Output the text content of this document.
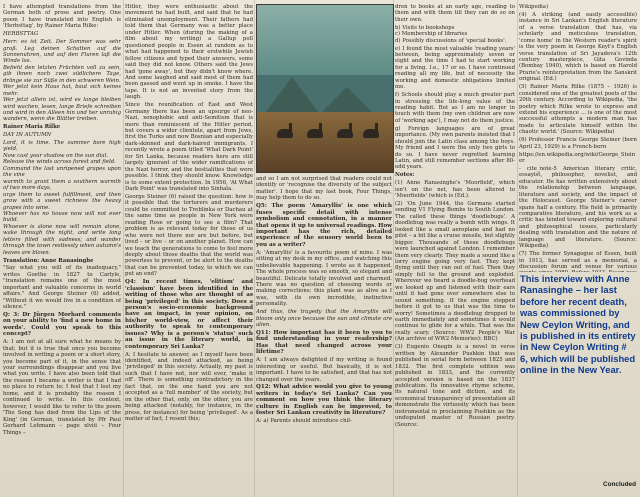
I have attempted translations from the German both of prose and poetry. One poem I have translated into English is 'Herbsttag', by Rainer Maria Rilke:

HERBSTTAG

Herr: es ist Zeit. Der Sommer was sehr groß. Leg deinen Schatten auf die Sonnenuhren, und auf den Fluren laß die Winde los.
Befiehl den letzten Früchten voll zu sein, gib ihnen noch zwei südlichere Tage, dränge sie zur Süße in den schweren Wein.
Wer jetzt kein Haus hat, baut sich keines mehr.
Wer jetzt allein ist, wird es lange bleiben wird wachen, lesen, lange Briefe schreiben und wird in den Alleen hin und her unruhig wandern, wenn die Blätter treiben.

Rainer Maria Rilke

DAY IN AUTUMN

Lord, it is time. The summer bore high yield.
Now cast your shadow on the sun dial.
Release the winds across forest and field.
Command the last unripened grapes upon the vine
warmth to grant them a southern warmth of two more days,
urge them to sweet fulfillment, and then grow with a sweet richness the heavy grapes into wine.
Whoever has no house now will not ever build.
Whoever is alone now will remain alone, wake through the night, and write long letters filled with sadness; and wander through the town restlessly when autumn's leaves are blown.

Translation: Anne Ranasinghe

"Say what you will of its inadequacy," writes Goethe in 1827 to Carlyle, "translation remains one of the most important and valuable concerns in world affairs." And George Steiner (6) added, "Without it we would live in a condition of silence."

Q: 3: Dr Jürgen Morhard comments on your ability to 'find a new home in words'. Could you speak to this concept?

A: I am not at all sure what he means by that; but it is true that once you become involved in writing a poem or a short story, you become part of it, in the sense that your surroundings disappear and you live what you write. I have also been told that the reason I became a writer is that I had no place to return to; I feel that I lost my home, and it is probably the reason I continued to write. In this context, however, I would like to refer to the poem 'The Song has died from the Lips of the King' (in German, translated by Pfr Paul Gerhard Lehmann – page xlviii – Four Things –

Hitler, they were enthusiastic about the movement he had built, and said that he had eliminated unemployment. Their fathers had told them that Germany was a better place under Hitler. When (during the making of a film about my writing) a Gallup poll questioned people in Essen at random as to what had happened to their erstwhile Jewish fellow citizens and typed their answers, some said they did not know. Others said the Jews had 'gone away', but they didn't know where. And some laughed and said most of them had been gassed and went up in smoke. I have the tape. It is not an invented story from the laugh.

Since the reunification of East and West Germany there has been an upsurge of neo-Nazi, xenophobic and anti-Semitism that is more than reminiscent of the Hitler period, but covers a wider clientele, apart from Jews, first the Turks and now Bosnian and especially dark-skinned and dark-haired immigrants. I recently wrote a poem titled 'What Dark Point' for Sri Lanka, because readers here are still largely ignorant of the wider ramifications of the Nazi horror, and the bestialities that were possible. I think they should know. Knowledge is to some extent protection. In 1956, 'At What Dark Point' was translated into Sinhala.

George Steiner (6) raised the question: how is it possible that the torturers and murderers could be committed to Treblinka or Dachau at the same time as people in New York were reading Rose or going to see a film? That problem is as relevant today for those of us who were not there nor are but before, but lived – or live – or on another planet. How can we teach the generations to come to feel more deeply about those deaths that the world was powerless to prevent, or be alert to the deaths that can be prevented today, to which we can put an end?

Q4: In recent times, 'elitism' and 'classism' have been identified in the writing of those who are thought of as being 'privileged' in this society. Does a person's socio-economic background have an impact, in your opinion, on his/her world-view, or affect their authority to speak to contemporary issues? Why is a person's 'status' such an issue in the literary world, in contemporary Sri Lanka?

A: I hesitate to answer, as I myself have been identified, and indeed attacked, as being 'privileged' in this society. Actually, my past is such that I have not, nor will ever, 'make it off'. There is something contradictory in the fact that, on the one hand you are not accepted as a 'full member' of the society, but on the other that, only, on the other, you are being attacked (notably, for instance, in the press, for instance) for being 'privileged'. As a matter of fact, I resent this;

and so I am not surprised that readers could not identify or 'recognise the diversity of the subject matter'. I hope that my last book, Four Things, may help them to do so.

Q5: The poem 'Amaryllis' is one which fuses specific detail with intense symbolism and connotation, in a manner that opens it up to universal readings. How important has the rich, detailed experience of the sensory world been to you as a writer?

A: 'Amaryllis' is a favourite poem of mine. I was sitting at my desk in my office, and watching this unbelievable happening. I wrote as it happened. The whole process was so smooth, so elegant and beautiful. Delicate totally involved and charmed. There was no question of choosing words or making corrections: this plant was as alive as I was, with its own incredible, instinctive personality.

And thus, the tragedy that the Amaryllis will bloom only once because the sun and climate are alien.

Q11: How important has it been to you to find understanding in your readership? Has that need changed across your lifetime?

A: I am always delighted if my writing is found interesting or useful. But basically, it is not important. I have to be satisfied, and that has not changed over the years.

Q12: What advice would you give to young writers in today's Sri Lanka? Can you comment on how you think the literary culture in English can be improved, to foster Sri Lankan creativity in literature?

A: a) Parents should introduce chil-

dren to books at an early age, reading to them and with them till they can do so on their own.

b) Visits to bookshops
c) Membership of libraries
d) Possibly discussions of 'special books'.

e) I found the most valuable 'reading years' between, being approximately seven or eight and the time I had to start working for a living. I.e., 17 or so. I have continued reading all my life, but of necessity the working and domestic obligations limited me.

f) Schools should play a much greater part in stressing the life-long value of the reading habit. But as I am no longer in touch with them (my own children are now of 'working age'), I may not do them justice.

g) Foreign languages are of great importance. (My own parents insisted that I should join the Latin class among the boys. My friend and I were the only two girls to do so. I have never regretted learning Latin, and still remember sections after 80-odd years.

Notes:

(1) Anne Ranasinghe's 'Moorfield', which isn't on the net, has been altered to 'Moorfields' (which is (Ed.).

(2) 'On June 1944, the Germans started sending V1 Flying Bombs to South London. The called these things 'doodlebugs'. A doodlebug was really a bomb with wings. It looked like a small aeroplane and had no pilot – a bit like a cruise missile, but slightly bigger. Thousands of these doodlebugs were launched against London. I remember them very clearly. They made a sound like a lorry engine going very fast. They kept flying until they ran out of fuel. Then they simply fell to the ground and exploded. Wherever we heard a doodle-bug overhead we looked up and listened with their ears until it had gone over somewhere else to sound something. If the engine stopped before it got to us that was the time to worry! Sometimes a doodlebug dropped to earth immediately and sometimes it would continue to glide for a while. That was the really scary. (Source: WW2 People's War (An archive of WW2 Memories): BBC)

(3) Eugenio Onegin is a novel in verse written by Alexander Pushkin that was published in serial form between 1825 and 1832. The first complete edition was published in 1833, and the currently accepted version is based on the 1837 publication. Its innovative rhyme scheme, its natural tone and diction, and its economical transparency of presentation all demonstrate the virtuosity which has been instrumental in proclaiming Pushkin as the undisputed master of Russian poetry. (Source:

Wikipedia)

(4) A striking (and easily accessible) instance in Sri Lankan's English literature of a verse translation that has, via scholarly and meticulous translation, 'come home' in the Western reader's spirit is the very poem in George Keyt's English verse translation of Sri Jayadeva's 12th century masterpiece, Gita Govinda (Bombay 1940), which is based on Harold Prarie's reinterpretation from the Sanskrit original. (Ed.)

(5) Rainer Maria Rilke (1875 – 1926) is considered one of the greatest poets of the 20th century. According to Wikipedia, 'the poetry which Rilke wrote to express and extend his experience ... is one of the most successful attempts a modern man has made to articulate himself within the chaotic world.' (Source: Wikipedia)

(6) Professor Francis George Steiner (born April 23, 1929) is a French-born

https://en.wikipedia.org/wiki/George_Steiner

- cite_note-5 American literary critic, essayist, philosopher, novelist, and educator. He has written extensively about the relationship between language, literature and society, and the impact of the Holocaust. George Steiner's career spans half a century. His field is primarily comparative literature, and his work as a critic has tended toward exploring cultural and philosophical issues, particularly dealing with translation and the nature of language and literature. (Source: Wikipedia)

(7) The former Synagogue of Essen, built in 1913, has served as a memorial, a discussion forum and venue for various

This interview with Anne Ranasinghe – her last before her recent death, was commissioned by New Ceylon Writing, and is published in its entirety in New Ceylon Writing # 6, which will be published online in the New Year.

Concluded
